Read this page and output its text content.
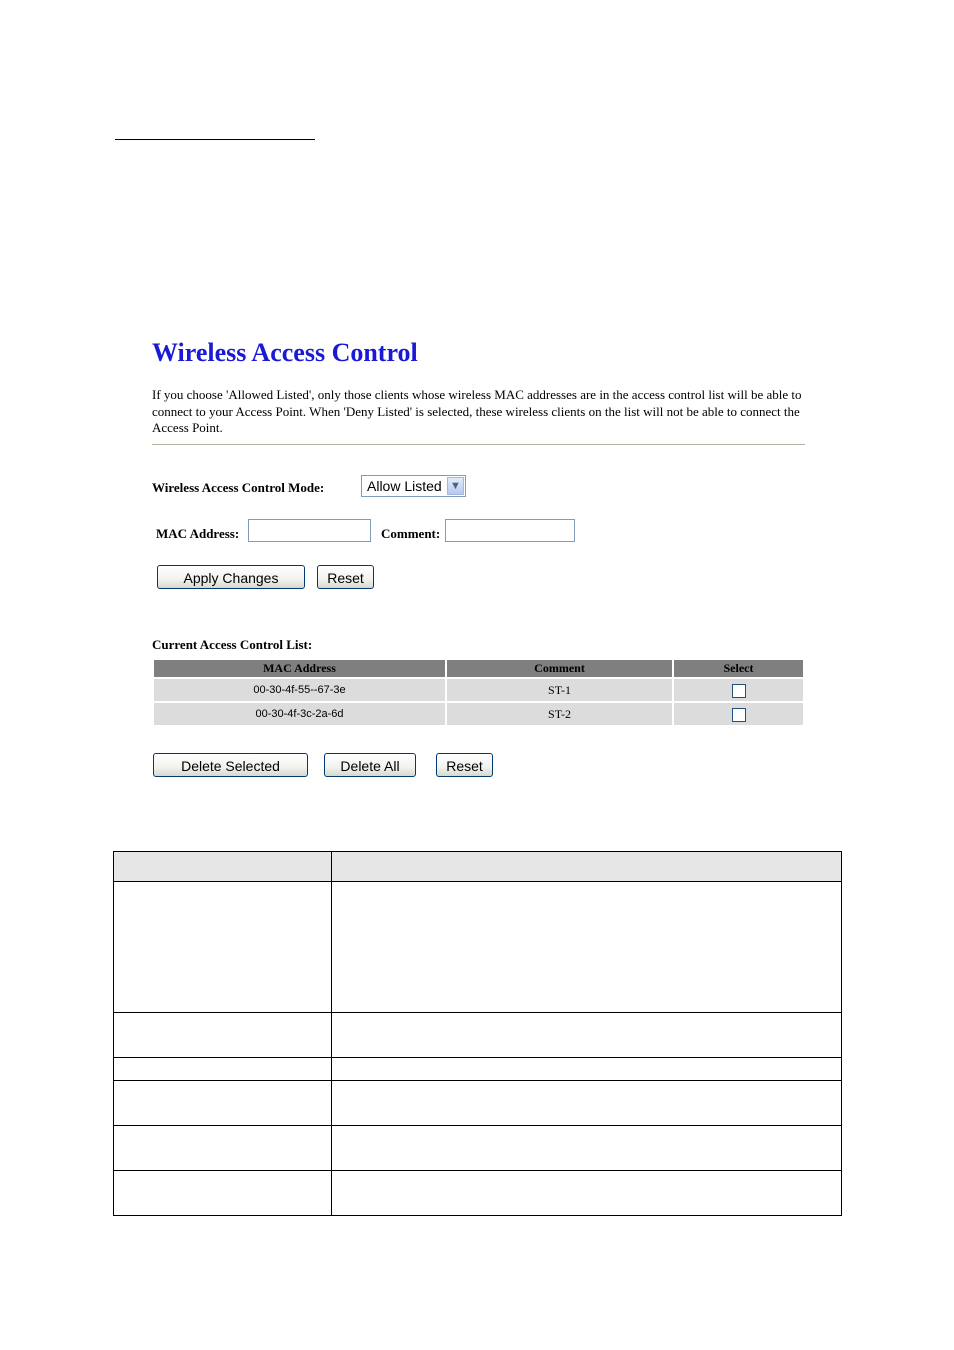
Wireless Access Control

If you choose 'Allowed Listed', only those clients whose wireless MAC addresses are in the access control list will be able to connect to your Access Point. When 'Deny Listed' is selected, these wireless clients on the list will not be able to connect the Access Point.

Wireless Access Control Mode:	Allow Listed ▼
MAC Address:	Comment:
Apply Changes	Reset
Current Access Control List:
MAC Address	Comment	Select
00-30-4f-55--67-3e	ST-1	
00-30-4f-3c-2a-6d	ST-2	
Delete Selected	Delete All	Reset
